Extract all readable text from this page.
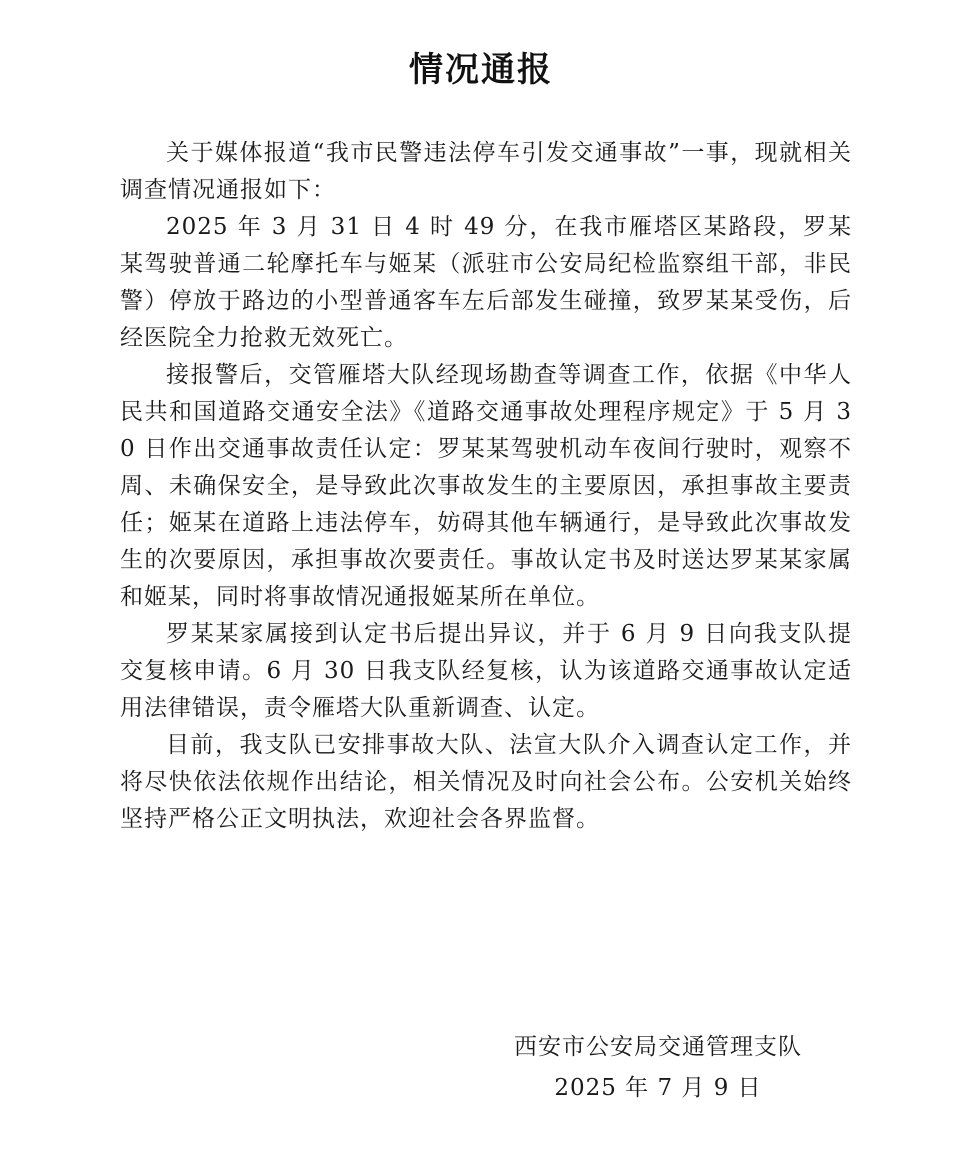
情况通报

关于媒体报道“我市民警违法停车引发交通事故”一事，现就相关调查情况通报如下：

2025 年 3 月 31 日 4 时 49 分，在我市雁塔区某路段，罗某某驾驶普通二轮摩托车与姬某（派驻市公安局纪检监察组干部，非民警）停放于路边的小型普通客车左后部发生碰撞，致罗某某受伤，后经医院全力抢救无效死亡。

接报警后，交管雁塔大队经现场勘查等调查工作，依据《中华人民共和国道路交通安全法》《道路交通事故处理程序规定》于 5 月 30 日作出交通事故责任认定：罗某某驾驶机动车夜间行驶时，观察不周、未确保安全，是导致此次事故发生的主要原因，承担事故主要责任；姬某在道路上违法停车，妨碍其他车辆通行，是导致此次事故发生的次要原因，承担事故次要责任。事故认定书及时送达罗某某家属和姬某，同时将事故情况通报姬某所在单位。

罗某某家属接到认定书后提出异议，并于 6 月 9 日向我支队提交复核申请。6 月 30 日我支队经复核，认为该道路交通事故认定适用法律错误，责令雁塔大队重新调查、认定。

目前，我支队已安排事故大队、法宣大队介入调查认定工作，并将尽快依法依规作出结论，相关情况及时向社会公布。公安机关始终坚持严格公正文明执法，欢迎社会各界监督。

西安市公安局交通管理支队
2025 年 7 月 9 日
